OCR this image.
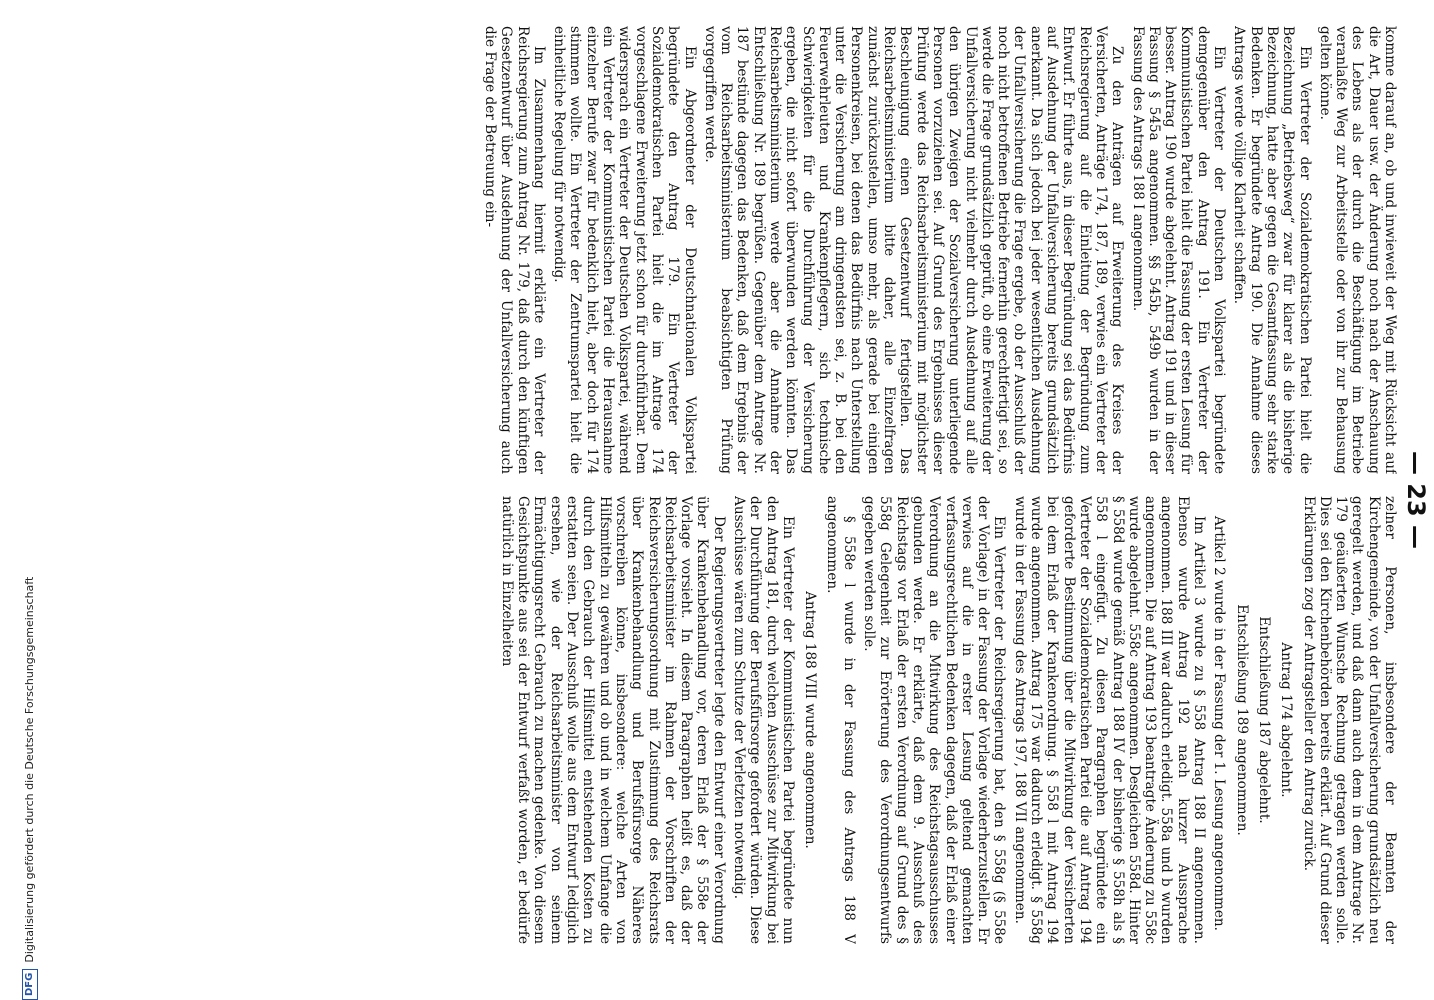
— 23 —

komme darauf an, ob und inwieweit der Weg mit Rücksicht auf die Art, Dauer usw. der Änderung noch nach der Anschauung des Lebens als der durch die Beschäftigung im Betriebe veranlaßte Weg zur Arbeitsstelle oder von ihr zur Behausung gelten könne.

Ein Vertreter der Sozialdemokratischen Partei hielt die Bezeichnung „Betriebsweg“ zwar für klarer als die bisherige Bezeichnung, hatte aber gegen die Gesamtfassung sehr starke Bedenken. Er begründete Antrag 190. Die Annahme dieses Antrags werde völlige Klarheit schaffen.

Ein Vertreter der Deutschen Volkspartei begründete demgegenüber den Antrag 191. Ein Vertreter der Kommunistischen Partei hielt die Fassung der ersten Lesung für besser. Antrag 190 wurde abgelehnt. Antrag 191 und in dieser Fassung § 545a angenommen. §§ 545b, 549b wurden in der Fassung des Antrags 188 I angenommen.

Zu den Anträgen auf Erweiterung des Kreises der Versicherten, Anträge 174, 187, 189, verwies ein Vertreter der Reichsregierung auf die Einleitung der Begründung zum Entwurf. Er führte aus, in dieser Begründung sei das Bedürfnis auf Ausdehnung der Unfallversicherung bereits grundsätzlich anerkannt. Da sich jedoch bei jeder wesentlichen Ausdehnung der Unfallversicherung die Frage ergebe, ob der Ausschluß der noch nicht betroffenen Betriebe fernerhin gerechtfertigt sei, so werde die Frage grundsätzlich geprüft, ob eine Erweiterung der Unfallversicherung nicht vielmehr durch Ausdehnung auf alle den übrigen Zweigen der Sozialversicherung unterliegende Personen vorzuziehen sei. Auf Grund des Ergebnisses dieser Prüfung werde das Reichsarbeitsministerium mit möglichster Beschleunigung einen Gesetzentwurf fertigstellen. Das Reichsarbeitsministerium bitte daher, alle Einzelfragen zunächst zurückzustellen, umso mehr, als gerade bei einigen Personenkreisen, bei denen das Bedürfnis nach Unterstellung unter die Versicherung am dringendsten sei, z. B. bei den Feuerwehrleuten und Krankenpflegern, sich technische Schwierigkeiten für die Durchführung der Versicherung ergeben, die nicht sofort überwunden werden könnten. Das Reichsarbeitsministerium werde aber die Annahme der Entschließung Nr. 189 begrüßen. Gegenüber dem Antrage Nr. 187 bestünde dagegen das Bedenken, daß dem Ergebnis der vom Reichsarbeitsministerium beabsichtigten Prüfung vorgegriffen werde.

Ein Abgeordneter der Deutschnationalen Volkspartei begründete den Antrag 179. Ein Vertreter der Sozialdemokratischen Partei hielt die im Antrage 174 vorgeschlagene Erweiterung jetzt schon für durchführbar. Dem widersprach ein Vertreter der Deutschen Volkspartei, während ein Vertreter der Kommunistischen Partei die Herausnahme einzelner Berufe zwar für bedenklich hielt, aber doch für 174 stimmen wollte. Ein Vertreter der Zentrumspartei hielt die einheitliche Regelung für notwendig.

Im Zusammenhang hiermit erklärte ein Vertreter der Reichsregierung zum Antrag Nr. 179, daß durch den künftigen Gesetzentwurf über Ausdehnung der Unfallversicherung auch die Frage der Betreuung ein-

zelner Personen, insbesondere der Beamten der Kirchengemeinde, von der Unfallversicherung grundsätzlich neu geregelt werden, und daß dann auch dem in dem Antrage Nr. 179 geäußerten Wunsche Rechnung getragen werden solle. Dies sei den Kirchenbehörden bereits erklärt. Auf Grund dieser Erklärungen zog der Antragsteller den Antrag zurück.

Antrag 174 abgelehnt.

Entschließung 187 abgelehnt.

Entschließung 189 angenommen.

Artikel 2 wurde in der Fassung der 1. Lesung angenommen.

Im Artikel 3 wurde zu § 558 Antrag 188 II angenommen. Ebenso wurde Antrag 192 nach kurzer Aussprache angenommen. 188 III war dadurch erledigt. 558a und b wurden angenommen. Die auf Antrag 193 beantragte Änderung zu 558c wurde abgelehnt. 558c angenommen. Desgleichen 558d. Hinter § 558d wurde gemäß Antrag 188 IV der bisherige § 558h als § 558 l eingefügt. Zu diesen Paragraphen begründete ein Vertreter der Sozialdemokratischen Partei die auf Antrag 194 geforderte Bestimmung über die Mitwirkung der Versicherten bei dem Erlaß der Krankenordnung. § 558 l mit Antrag 194 wurde angenommen. Antrag 175 war dadurch erledigt. § 558g wurde in der Fassung des Antrags 197, 188 VII angenommen.

Ein Vertreter der Reichsregierung bat, den § 558g (§ 558e der Vorlage) in der Fassung der Vorlage wiederherzustellen. Er verwies auf die in erster Lesung geltend gemachten verfassungsrechtlichen Bedenken dagegen, daß der Erlaß einer Verordnung an die Mitwirkung des Reichstagsausschusses gebunden werde. Er erklärte, daß dem 9. Ausschuß des Reichstags vor Erlaß der ersten Verordnung auf Grund des § 558g Gelegenheit zur Erörterung des Verordnungsentwurfs gegeben werden solle.

§ 558e l wurde in der Fassung des Antrags 188 V angenommen.

Antrag 188 VIII wurde angenommen.

Ein Vertreter der Kommunistischen Partei begründete nun den Antrag 181, durch welchen Ausschüsse zur Mitwirkung bei der Durchführung der Berufsfürsorge gefordert würden. Diese Ausschüsse wären zum Schutze der Verletzten notwendig.

Der Regierungsvertreter legte den Entwurf einer Verordnung über Krankenbehandlung vor, deren Erlaß der § 558e der Vorlage vorsieht. In diesem Paragraphen heißt es, daß der Reichsarbeitsminister im Rahmen der Vorschriften der Reichsversicherungsordnung mit Zustimmung des Reichsrats über Krankenbehandlung und Berufsfürsorge Näheres vorschreiben könne, insbesondere: welche Arten von Hilfsmitteln zu gewähren und ob und in welchem Umfange die durch den Gebrauch der Hilfsmittel entstehenden Kosten zu erstatten seien. Der Ausschuß wolle aus dem Entwurf lediglich ersehen, wie der Reichsarbeitsminister von seinem Ermächtigungsrecht Gebrauch zu machen gedenke. Von diesem Gesichtspunkte aus sei der Entwurf verfaßt worden, er bedürfe natürlich in Einzelheiten

DFG
Digitalisierung gefördert durch die Deutsche Forschungsgemeinschaft
